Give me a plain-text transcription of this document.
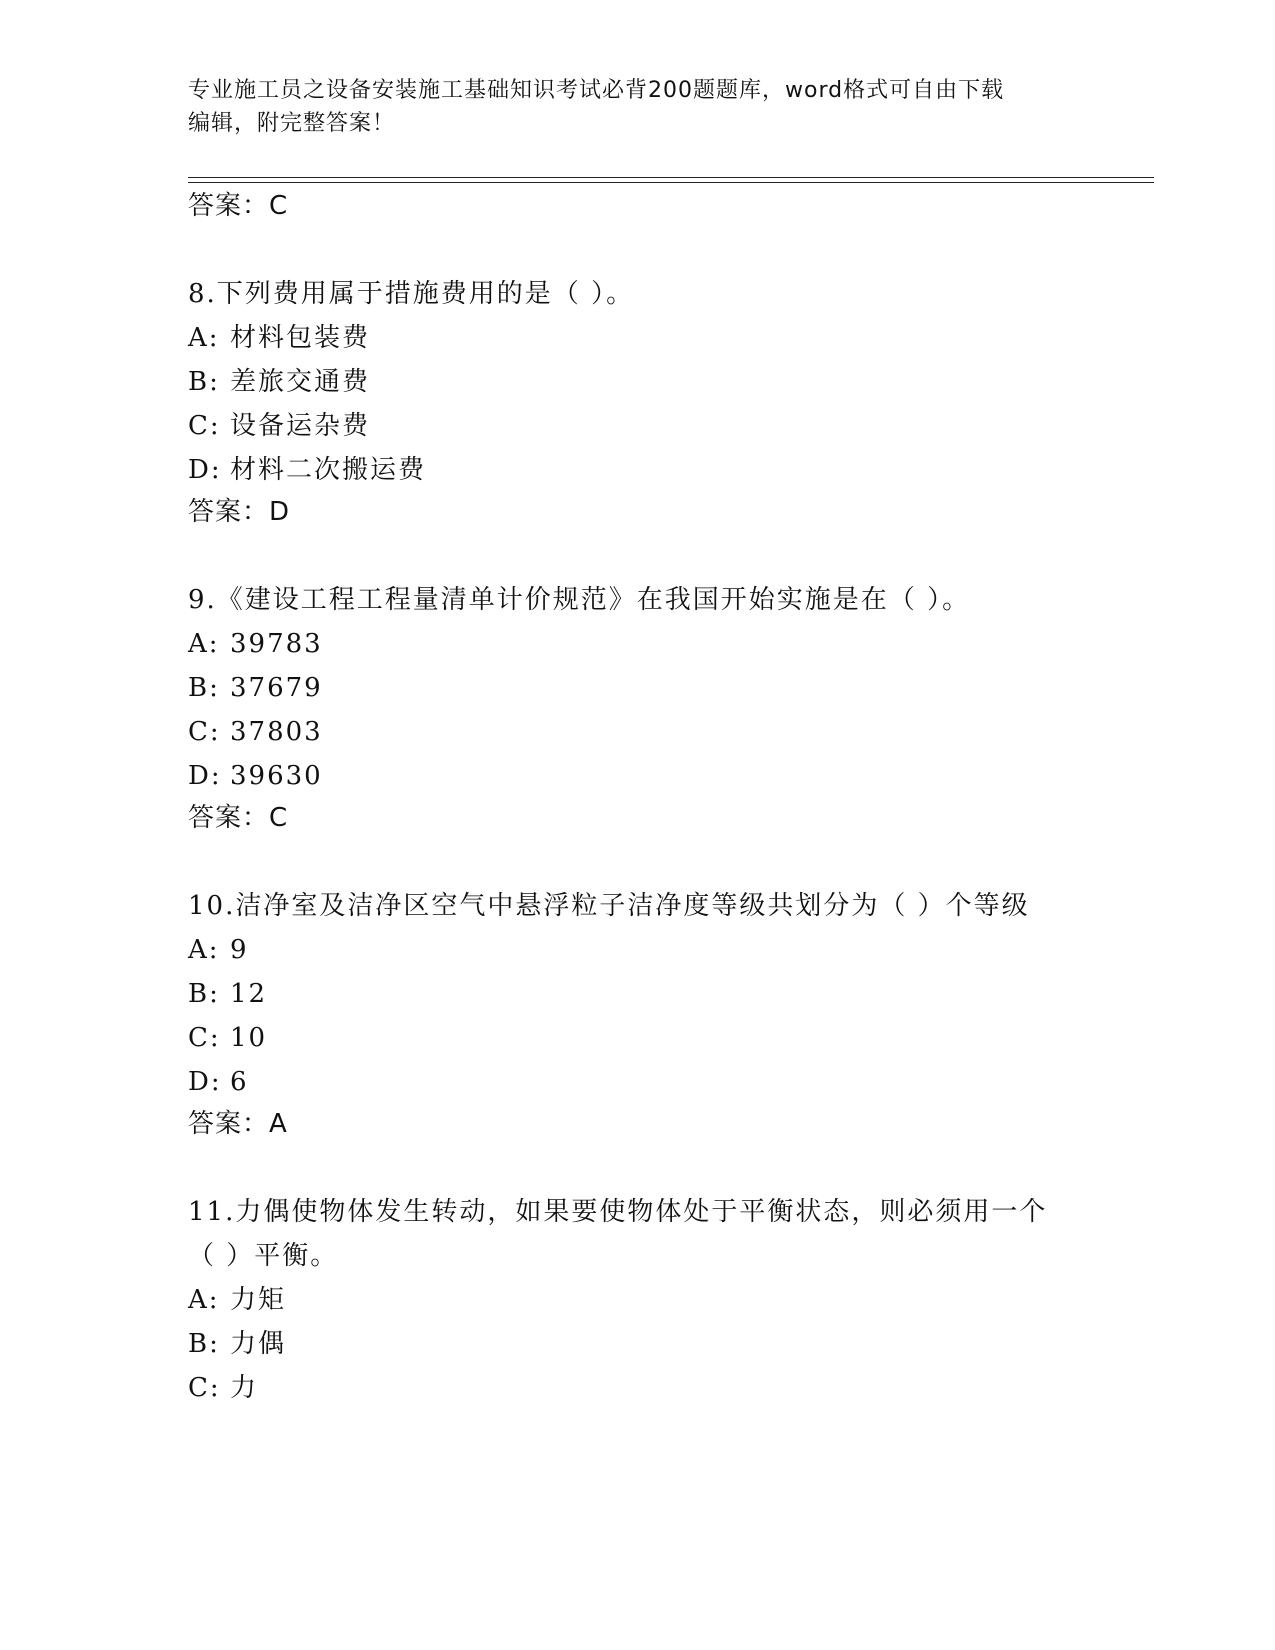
专业施工员之设备安装施工基础知识考试必背200题题库，word格式可自由下载
编辑，附完整答案！
答案：C
8.下列费用属于措施费用的是（ ）。
A: 材料包装费
B: 差旅交通费
C: 设备运杂费
D: 材料二次搬运费
答案：D
9.《建设工程工程量清单计价规范》在我国开始实施是在（ ）。
A: 39783
B: 37679
C: 37803
D: 39630
答案：C
10.洁净室及洁净区空气中悬浮粒子洁净度等级共划分为（ ）个等级
A: 9
B: 12
C: 10
D: 6
答案：A
11.力偶使物体发生转动，如果要使物体处于平衡状态，则必须用一个
（ ）平衡。
A: 力矩
B: 力偶
C: 力
